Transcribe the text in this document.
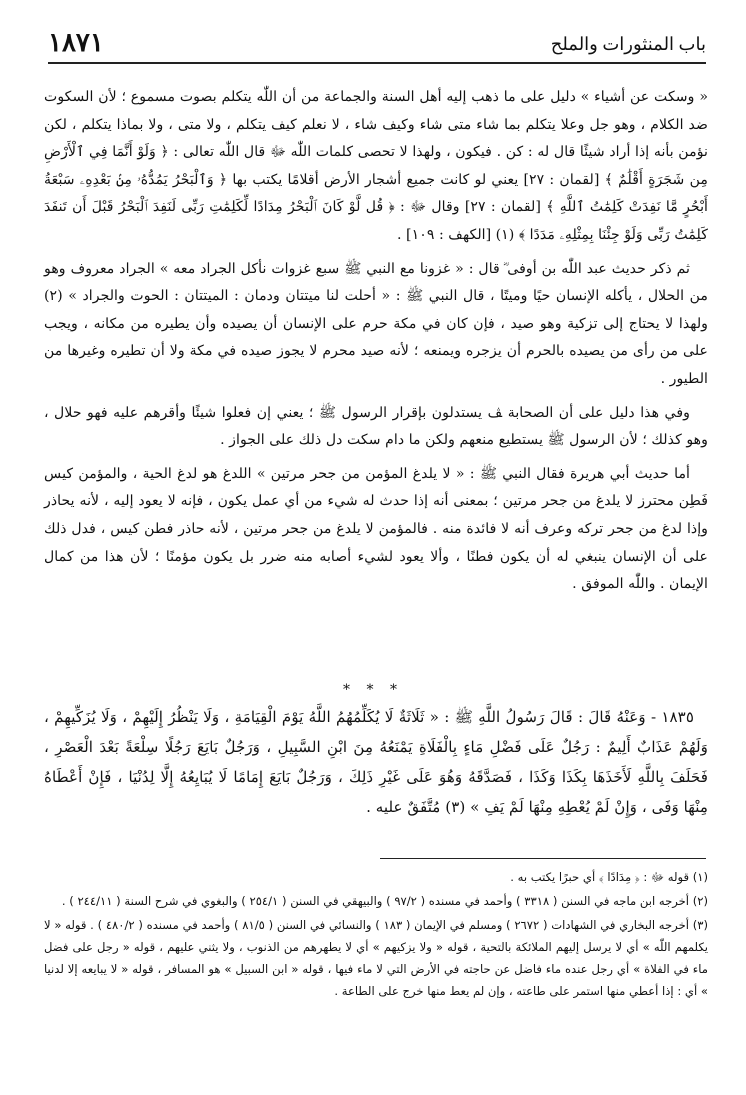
باب المنثورات والملح
١٨٧١

« وسكت عن أشياء » دليل على ما ذهب إليه أهل السنة والجماعة من أن اللّٰه يتكلم بصوت مسموع ؛ لأن السكوت ضد الكلام ، وهو جل وعلا يتكلم بما شاء متى شاء وكيف شاء ، لا نعلم كيف يتكلم ، ولا متى ، ولا بماذا يتكلم ، لكن نؤمن بأنه إذا أراد شيئًا قال له : كن . فيكون ، ولهذا لا تحصى كلمات اللّٰه ﷻ قال اللّٰه تعالى : ﴿ وَلَوْ أَنَّمَا فِي ٱلْأَرْضِ مِن شَجَرَةٍ أَقْلَٰمٌ ﴾ [لقمان : ٢٧] يعني لو كانت جميع أشجار الأرض أقلامًا يكتب بها ﴿ وَٱلْبَحْرُ يَمُدُّهُۥ مِنۢ بَعْدِهِۦ سَبْعَةُ أَبْحُرٍ مَّا نَفِدَتْ كَلِمَٰتُ ٱللَّهِ ﴾ [لقمان : ٢٧] وقال ﷻ : ﴿ قُل لَّوْ كَانَ ٱلْبَحْرُ مِدَادًا لِّكَلِمَٰتِ رَبِّى لَنَفِدَ ٱلْبَحْرُ قَبْلَ أَن تَنفَدَ كَلِمَٰتُ رَبِّى وَلَوْ جِئْنَا بِمِثْلِهِۦ مَدَدًا ﴾ (١) [الكهف : ١٠٩] .

ثم ذكر حديث عبد اللّٰه بن أوفى ؓ قال : « غزونا مع النبي ﷺ سبع غزوات نأكل الجراد معه » الجراد معروف وهو من الحلال ، يأكله الإنسان حيًا وميتًا ، قال النبي ﷺ : « أحلت لنا ميتتان ودمان : الميتتان : الحوت والجراد » (٢) ولهذا لا يحتاج إلى تزكية وهو صيد ، فإن كان في مكة حرم على الإنسان أن يصيده وأن يطيره من مكانه ، ويجب على من رأى من يصيده بالحرم أن يزجره ويمنعه ؛ لأنه صيد محرم لا يجوز صيده في مكة ولا أن تطيره وغيرها من الطيور .

وفي هذا دليل على أن الصحابة ﭫ يستدلون بإقرار الرسول ﷺ ؛ يعني إن فعلوا شيئًا وأقرهم عليه فهو حلال ، وهو كذلك ؛ لأن الرسول ﷺ يستطيع منعهم ولكن ما دام سكت دل ذلك على الجواز .

أما حديث أبي هريرة فقال النبي ﷺ : « لا يلدغ المؤمن من جحر مرتين » اللدغ هو لدغ الحية ، والمؤمن كيس فَطِن محترز لا يلدغ من جحر مرتين ؛ بمعنى أنه إذا حدث له شيء من أي عمل يكون ، فإنه لا يعود إليه ، لأنه يحاذر وإذا لدغ من جحر تركه وعرف أنه لا فائدة منه . فالمؤمن لا يلدغ من جحر مرتين ، لأنه حاذر فطن كيس ، فدل ذلك على أن الإنسان ينبغي له أن يكون فطنًا ، وألا يعود لشيء أصابه منه ضرر بل يكون مؤمنًا ؛ لأن هذا من كمال الإيمان . واللّٰه الموفق .

* * *

١٨٣٥ - وَعَنْهُ قَالَ : قَالَ رَسُولُ اللَّهِ ﷺ : « ثَلَاثَةٌ لَا يُكَلِّمُهُمُ اللَّهُ يَوْمَ الْقِيَامَةِ ، وَلَا يَنْظُرُ إِلَيْهِمْ ، وَلَا يُزَكِّيهِمْ ، وَلَهُمْ عَذَابٌ أَلِيمٌ : رَجُلٌ عَلَى فَضْلِ مَاءٍ بِالْفَلَاةِ يَمْنَعُهُ مِنَ ابْنِ السَّبِيلِ ، وَرَجُلٌ بَايَعَ رَجُلًا سِلْعَةً بَعْدَ الْعَصْرِ ، فَحَلَفَ بِاللَّهِ لَأَخَذَهَا بِكَذَا وَكَذَا ، فَصَدَّقَهُ وَهُوَ عَلَى غَيْرِ ذَلِكَ ، وَرَجُلٌ بَايَعَ إِمَامًا لَا يُبَايِعُهُ إِلَّا لِدُنْيَا ، فَإِنْ أَعْطَاهُ مِنْهَا وَفَى ، وَإِنْ لَمْ يُعْطِهِ مِنْهَا لَمْ يَفِ » (٣) مُتَّفَقٌ عليه .

(١) قوله ﷻ : ﴿ مِدَادًا ﴾ أي حبرًا يكتب به .

(٢) أخرجه ابن ماجه في السنن ( ٣٣١٨ ) وأحمد في مسنده ( ٩٧/٢ ) والبيهقي في السنن ( ٢٥٤/١ ) والبغوي في شرح السنة ( ٢٤٤/١١ ) .

(٣) أخرجه البخاري في الشهادات ( ٢٦٧٢ ) ومسلم في الإيمان ( ١٨٣ ) والنسائي في السنن ( ٨١/٥ ) وأحمد في مسنده ( ٤٨٠/٢ ) . قوله « لا يكلمهم اللّٰه » أي لا يرسل إليهم الملائكة بالتحية ، قوله « ولا يزكيهم » أي لا يطهرهم من الذنوب ، ولا يثني عليهم ، قوله « رجل على فضل ماء في الفلاة » أي رجل عنده ماء فاضل عن حاجته في الأرض التي لا ماء فيها ، قوله « ابن السبيل » هو المسافر ، قوله « لا يبايعه إلا لدنيا » أي : إذا أعطي منها استمر على طاعته ، وإن لم يعط منها خرج على الطاعة .
